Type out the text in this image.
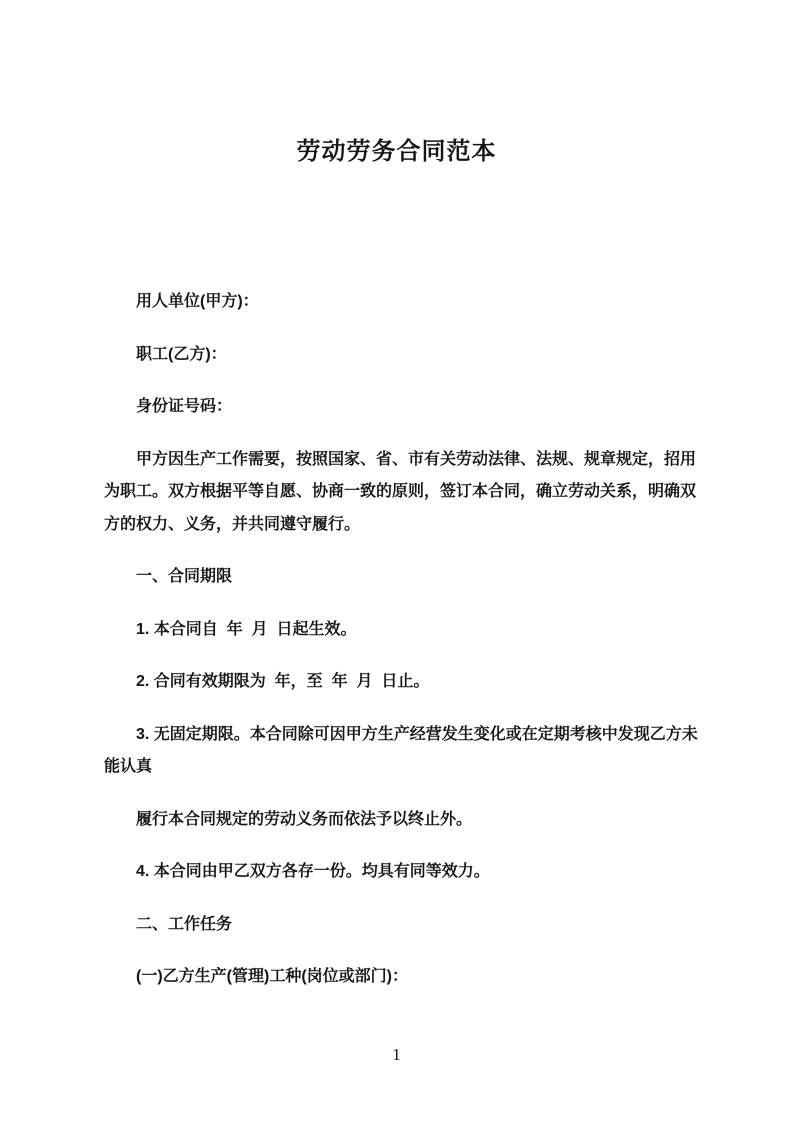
劳动劳务合同范本

用人单位(甲方)：

职工(乙方)：

身份证号码：

甲方因生产工作需要，按照国家、省、市有关劳动法律、法规、规章规定，招用为职工。双方根据平等自愿、协商一致的原则，签订本合同，确立劳动关系，明确双方的权力、义务，并共同遵守履行。

一、合同期限

1. 本合同自  年  月  日起生效。

2. 合同有效期限为  年，至  年  月  日止。

3. 无固定期限。本合同除可因甲方生产经营发生变化或在定期考核中发现乙方未能认真

履行本合同规定的劳动义务而依法予以终止外。

4. 本合同由甲乙双方各存一份。均具有同等效力。

二、工作任务

(一)乙方生产(管理)工种(岗位或部门)：

1
